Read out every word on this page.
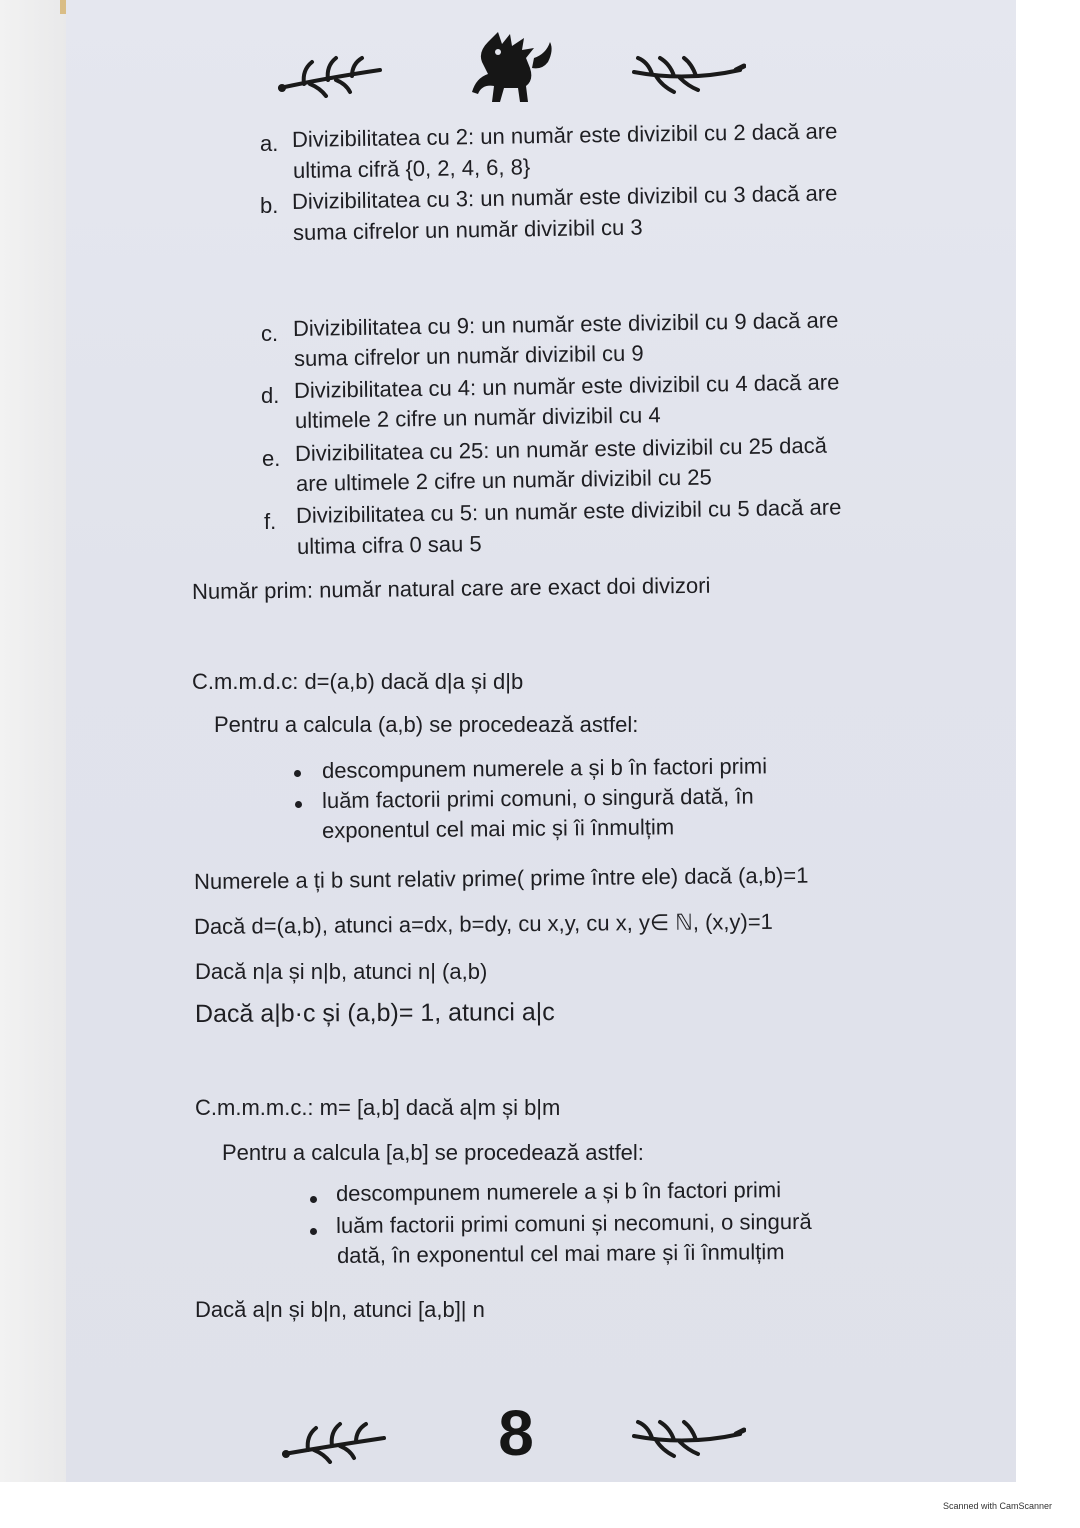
a. Divizibilitatea cu 2: un număr este divizibil cu 2 dacă are
ultima cifră {0, 2, 4, 6, 8}
b. Divizibilitatea cu 3: un număr este divizibil cu 3 dacă are
suma cifrelor un număr divizibil cu 3
c. Divizibilitatea cu 9: un număr este divizibil cu 9 dacă are
suma cifrelor un număr divizibil cu 9
d. Divizibilitatea cu 4: un număr este divizibil cu 4 dacă are
ultimele 2 cifre un număr divizibil cu 4
e. Divizibilitatea cu 25: un număr este divizibil cu 25 dacă
are ultimele 2 cifre un număr divizibil cu 25
f. Divizibilitatea cu 5: un număr este divizibil cu 5 dacă are
ultima cifra 0 sau 5
Număr prim: număr natural care are exact doi divizori
C.m.m.d.c: d=(a,b) dacă d|a și d|b
Pentru a calcula (a,b) se procedează astfel:
descompunem numerele a și b în factori primi
luăm factorii primi comuni, o singură dată, în
exponentul cel mai mic și îi înmulțim
Numerele a ți b sunt relativ prime( prime între ele) dacă (a,b)=1
Dacă d=(a,b), atunci a=dx, b=dy, cu x,y, cu x, y∈ ℕ, (x,y)=1
Dacă n|a și n|b, atunci n| (a,b)
Dacă a|b·c și (a,b)= 1, atunci a|c
C.m.m.m.c.: m= [a,b] dacă a|m și b|m
Pentru a calcula [a,b] se procedează astfel:
descompunem numerele a și b în factori primi
luăm factorii primi comuni și necomuni, o singură
dată, în exponentul cel mai mare și îi înmulțim
Dacă a|n și b|n, atunci [a,b]| n
8
Scanned with CamScanner
